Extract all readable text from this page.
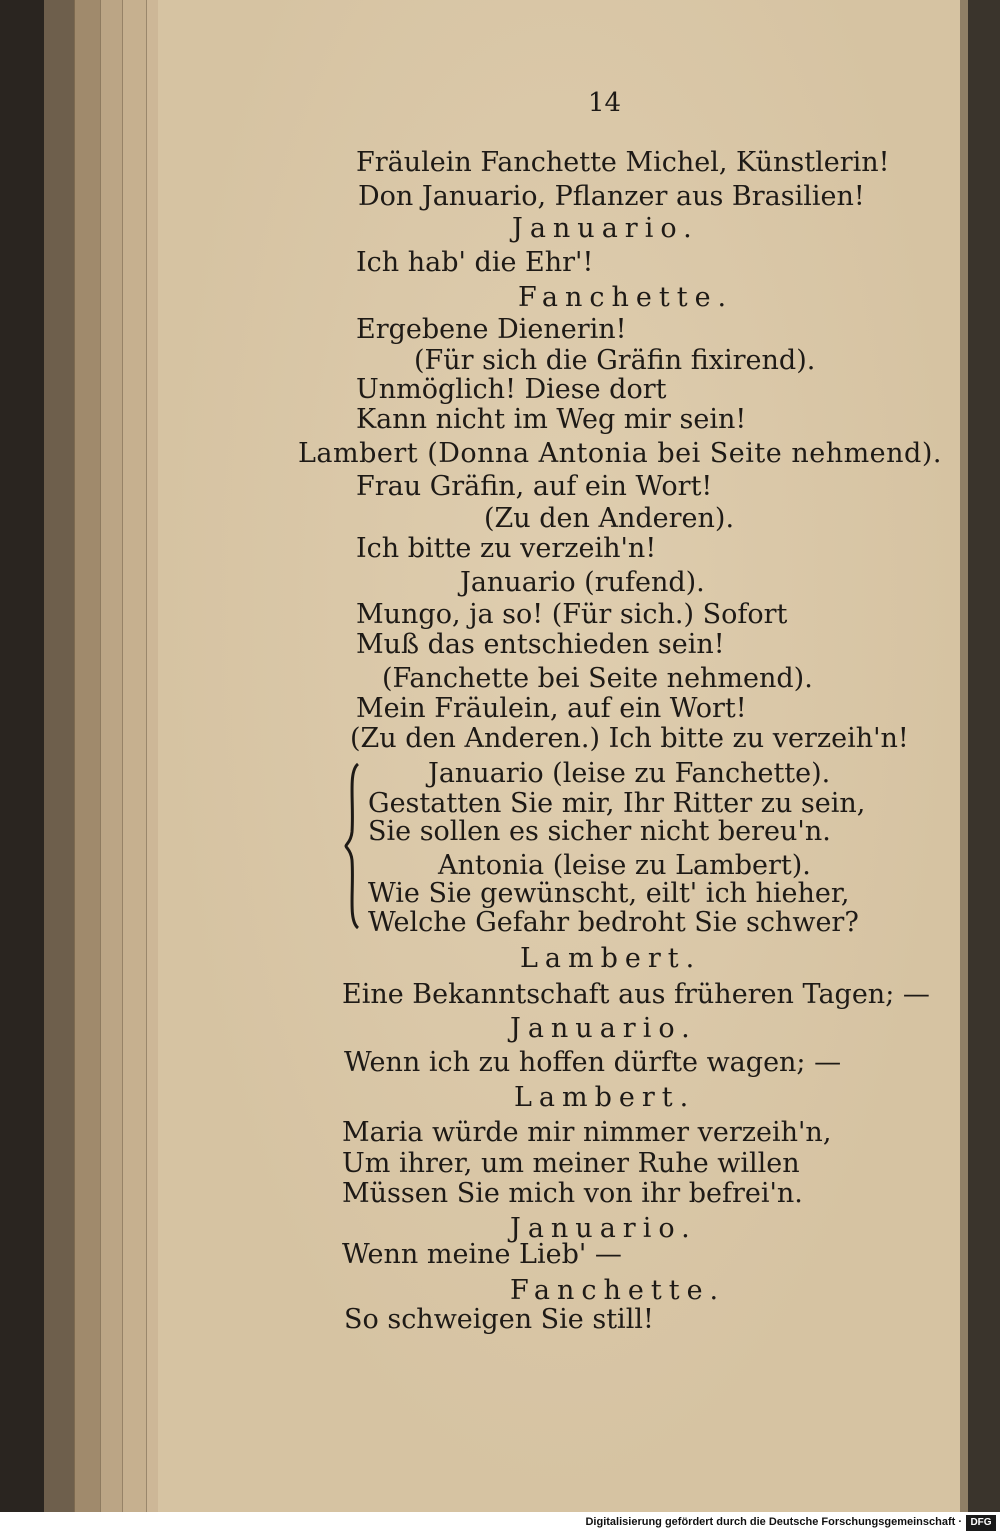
14
Fräulein Fanchette Michel, Künstlerin!
Don Januario, Pflanzer aus Brasilien!
Januario.
Ich hab' die Ehr'!
Fanchette.
Ergebene Dienerin!
(Für sich die Gräfin fixirend).
Unmöglich! Diese dort
Kann nicht im Weg mir sein!
Lambert (Donna Antonia bei Seite nehmend).
Frau Gräfin, auf ein Wort!
(Zu den Anderen).
Ich bitte zu verzeih'n!
Januario (rufend).
Mungo, ja so! (Für sich.) Sofort
Muß das entschieden sein!
(Fanchette bei Seite nehmend).
Mein Fräulein, auf ein Wort!
(Zu den Anderen.) Ich bitte zu verzeih'n!
Januario (leise zu Fanchette).
Gestatten Sie mir, Ihr Ritter zu sein,
Sie sollen es sicher nicht bereu'n.
Antonia (leise zu Lambert).
Wie Sie gewünscht, eilt' ich hieher,
Welche Gefahr bedroht Sie schwer?
Lambert.
Eine Bekanntschaft aus früheren Tagen; —
Januario.
Wenn ich zu hoffen dürfte wagen; —
Lambert.
Maria würde mir nimmer verzeih'n,
Um ihrer, um meiner Ruhe willen
Müssen Sie mich von ihr befrei'n.
Januario.
Wenn meine Lieb' —
Fanchette.
So schweigen Sie still!
Digitalisierung gefördert durch die Deutsche Forschungsgemeinschaft · DFG
